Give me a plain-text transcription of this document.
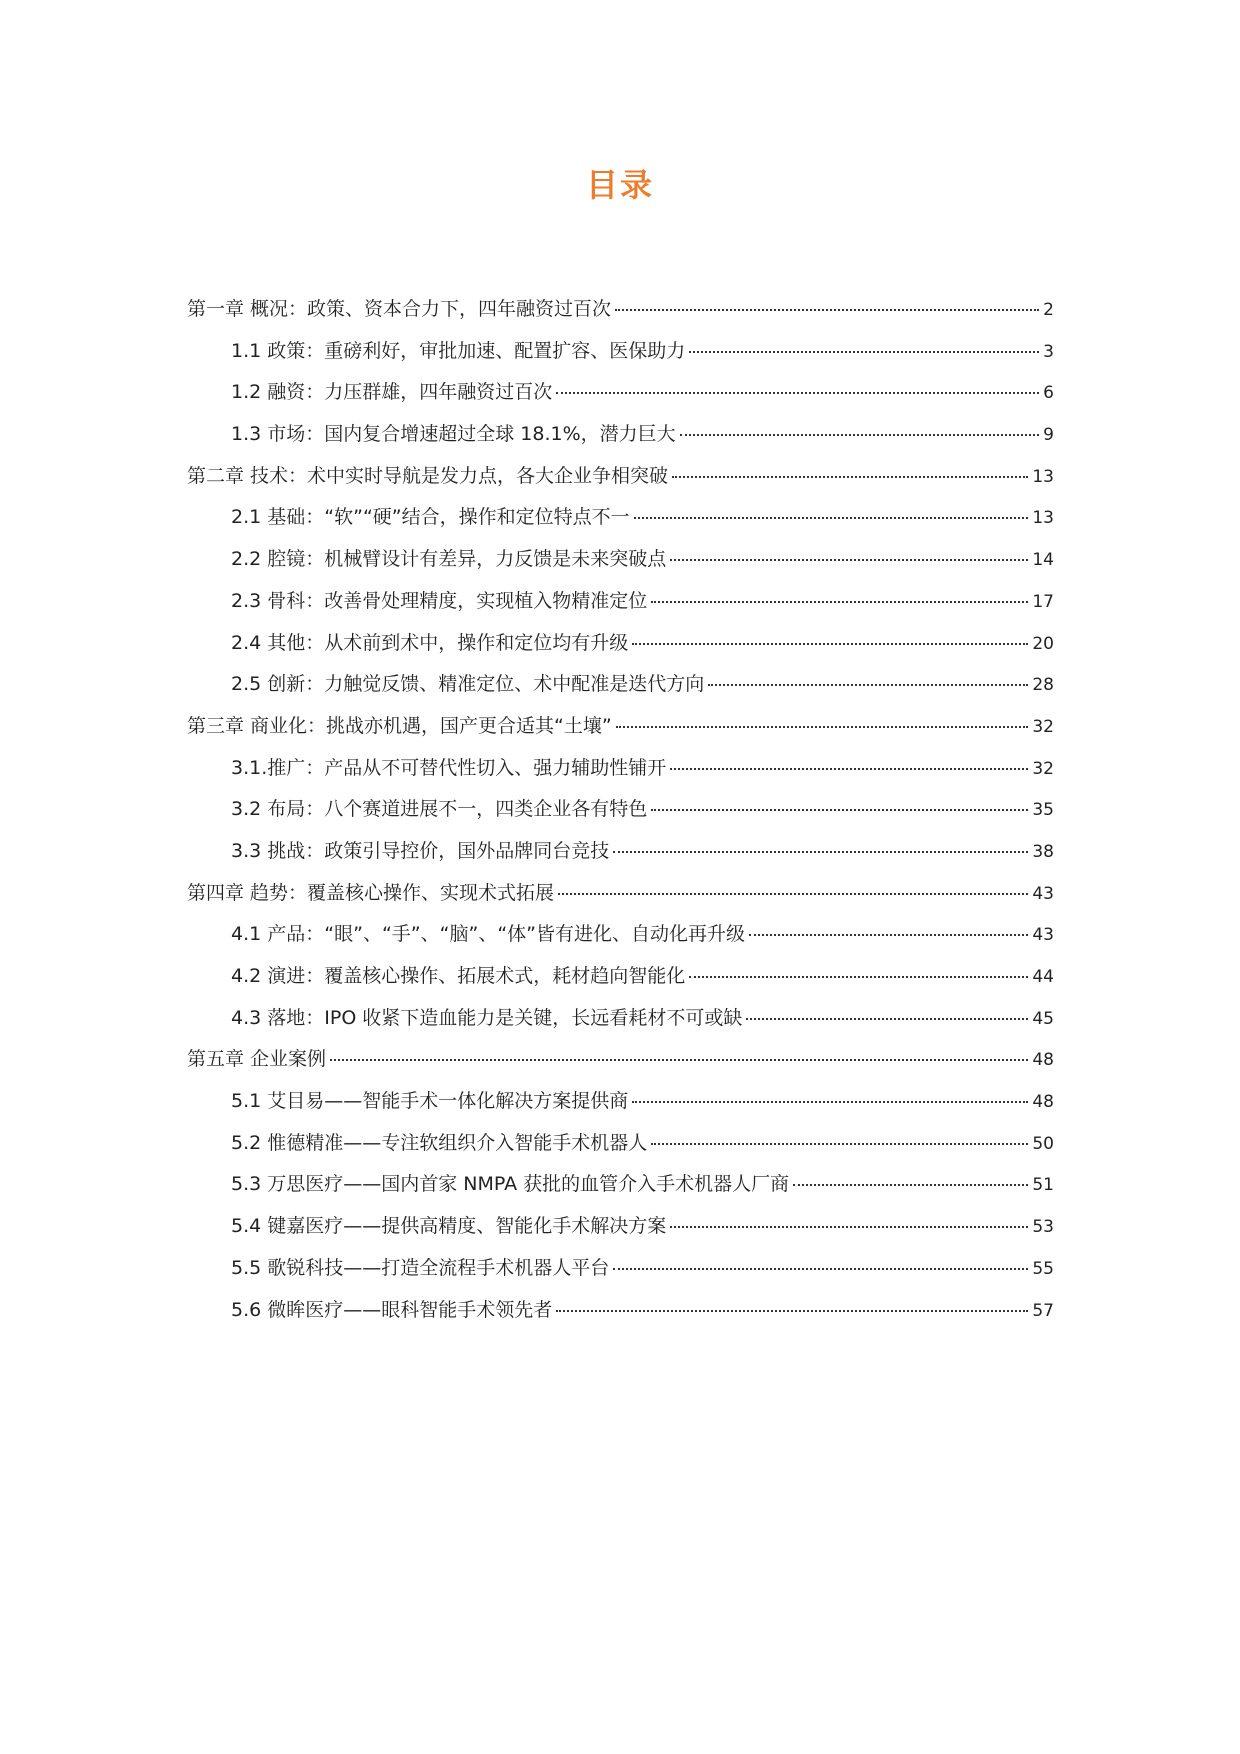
目录
第一章 概况：政策、资本合力下，四年融资过百次	2
1.1 政策：重磅利好，审批加速、配置扩容、医保助力	3
1.2 融资：力压群雄，四年融资过百次	6
1.3 市场：国内复合增速超过全球 18.1%，潜力巨大	9
第二章 技术：术中实时导航是发力点，各大企业争相突破	13
2.1 基础：“软”“硬”结合，操作和定位特点不一	13
2.2 腔镜：机械臂设计有差异，力反馈是未来突破点	14
2.3 骨科：改善骨处理精度，实现植入物精准定位	17
2.4 其他：从术前到术中，操作和定位均有升级	20
2.5 创新：力触觉反馈、精准定位、术中配准是迭代方向	28
第三章 商业化：挑战亦机遇，国产更合适其“土壤”	32
3.1.推广：产品从不可替代性切入、强力辅助性铺开	32
3.2 布局：八个赛道进展不一，四类企业各有特色	35
3.3 挑战：政策引导控价，国外品牌同台竞技	38
第四章 趋势：覆盖核心操作、实现术式拓展	43
4.1 产品：“眼”、“手”、“脑”、“体”皆有进化、自动化再升级	43
4.2 演进：覆盖核心操作、拓展术式，耗材趋向智能化	44
4.3 落地：IPO 收紧下造血能力是关键，长远看耗材不可或缺	45
第五章 企业案例	48
5.1 艾目易——智能手术一体化解决方案提供商	48
5.2 惟德精准——专注软组织介入智能手术机器人	50
5.3 万思医疗——国内首家 NMPA 获批的血管介入手术机器人厂商	51
5.4 键嘉医疗——提供高精度、智能化手术解决方案	53
5.5 歌锐科技——打造全流程手术机器人平台	55
5.6 微眸医疗——眼科智能手术领先者	57
